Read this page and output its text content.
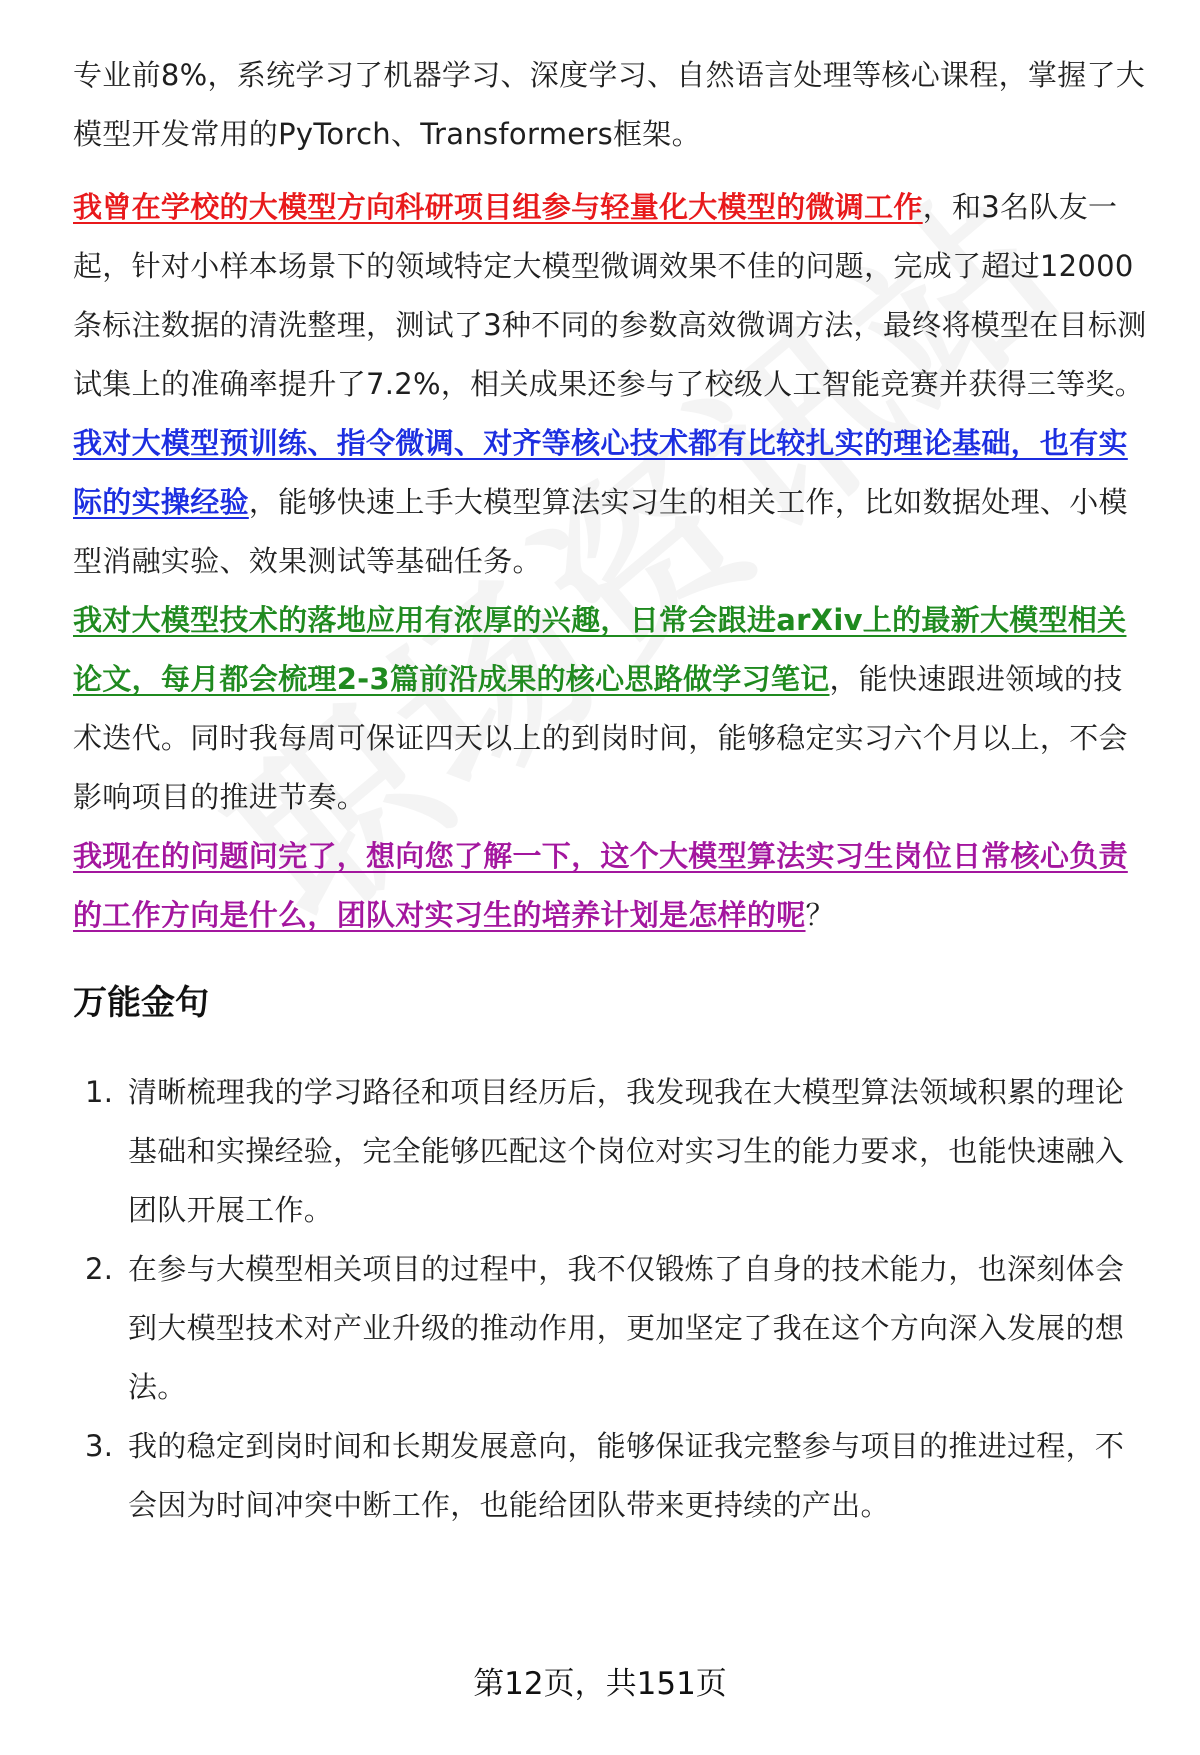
专业前8%，系统学习了机器学习、深度学习、自然语言处理等核心课程，掌握了大模型开发常用的PyTorch、Transformers框架。

我曾在学校的大模型方向科研项目组参与轻量化大模型的微调工作，和3名队友一起，针对小样本场景下的领域特定大模型微调效果不佳的问题，完成了超过12000条标注数据的清洗整理，测试了3种不同的参数高效微调方法，最终将模型在目标测试集上的准确率提升了7.2%，相关成果还参与了校级人工智能竞赛并获得三等奖。

我对大模型预训练、指令微调、对齐等核心技术都有比较扎实的理论基础，也有实际的实操经验，能够快速上手大模型算法实习生的相关工作，比如数据处理、小模型消融实验、效果测试等基础任务。

我对大模型技术的落地应用有浓厚的兴趣，日常会跟进arXiv上的最新大模型相关论文，每月都会梳理2-3篇前沿成果的核心思路做学习笔记，能快速跟进领域的技术迭代。同时我每周可保证四天以上的到岗时间，能够稳定实习六个月以上，不会影响项目的推进节奏。

我现在的问题问完了，想向您了解一下，这个大模型算法实习生岗位日常核心负责的工作方向是什么，团队对实习生的培养计划是怎样的呢？

万能金句
1. 清晰梳理我的学习路径和项目经历后，我发现我在大模型算法领域积累的理论基础和实操经验，完全能够匹配这个岗位对实习生的能力要求，也能快速融入团队开展工作。
2. 在参与大模型相关项目的过程中，我不仅锻炼了自身的技术能力，也深刻体会到大模型技术对产业升级的推动作用，更加坚定了我在这个方向深入发展的想法。
3. 我的稳定到岗时间和长期发展意向，能够保证我完整参与项目的推进过程，不会因为时间冲突中断工作，也能给团队带来更持续的产出。
第12页，共151页
